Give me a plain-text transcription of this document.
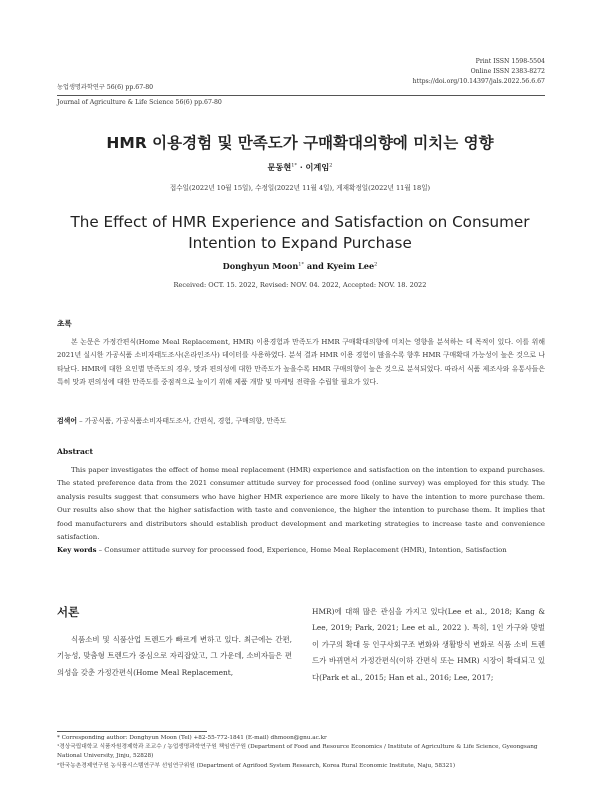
Print ISSN 1598-5504
Online ISSN 2383-8272
https://doi.org/10.14397/jals.2022.56.6.67
농업생명과학연구 56(6) pp.67-80
Journal of Agriculture & Life Science 56(6) pp.67-80
HMR 이용경험 및 만족도가 구매확대의향에 미치는 영향
문동현$^{1*}$ · 이계임$^2$
접수일(2022년 10월 15일), 수정일(2022년 11월 4일), 게재확정일(2022년 11월 18일)
The Effect of HMR Experience and Satisfaction on Consumer Intention to Expand Purchase
Donghyun Moon$^{1*}$ and Kyeim Lee$^2$
Received: OCT. 15. 2022, Revised: NOV. 04. 2022, Accepted: NOV. 18. 2022
초록

본 논문은 가정간편식(Home Meal Replacement, HMR) 이용경험과 만족도가 HMR 구매확대의향에 미치는 영향을 분석하는 데 목적이 있다. 이를 위해 2021년 실시한 가공식품 소비자태도조사(온라인조사) 데이터를 사용하였다. 분석 결과 HMR 이용 경험이 많을수록 향후 HMR 구매확대 가능성이 높은 것으로 나타났다. HMR에 대한 요인별 만족도의 경우, 맛과 편의성에 대한 만족도가 높을수록 HMR 구매의향이 높은 것으로 분석되었다. 따라서 식품 제조사와 유통사들은 특히 맛과 편의성에 대한 만족도를 중점적으로 높이기 위해 제품 개발 및 마케팅 전략을 수립할 필요가 있다.

검색어 – 가공식품, 가공식품소비자태도조사, 간편식, 경험, 구매의향, 만족도
Abstract

This paper investigates the effect of home meal replacement (HMR) experience and satisfaction on the intention to expand purchases. The stated preference data from the 2021 consumer attitude survey for processed food (online survey) was employed for this study. The analysis results suggest that consumers who have higher HMR experience are more likely to have the intention to more purchase them. Our results also show that the higher satisfaction with taste and convenience, the higher the intention to purchase them. It implies that food manufacturers and distributors should establish product development and marketing strategies to increase taste and convenience satisfaction.

Key words – Consumer attitude survey for processed food, Experience, Home Meal Replacement (HMR), Intention, Satisfaction
서론

식품소비 및 식품산업 트렌드가 빠르게 변하고 있다. 최근에는 간편, 기능성, 맞춤형 트렌드가 중심으로 자리잡았고, 그 가운데, 소비자들은 편의성을 갖춘 가정간편식(Home Meal Replacement,

HMR)에 대해 많은 관심을 가지고 있다(Lee et al., 2018; Kang & Lee, 2019; Park, 2021; Lee et al., 2022 ). 특히, 1인 가구와 맞벌이 가구의 확대 등 인구사회구조 변화와 생활방식 변화로 식품 소비 트렌드가 바뀌면서 가정간편식(이하 간편식 또는 HMR) 시장이 확대되고 있다(Park et al., 2015; Han et al., 2016; Lee, 2017;

* Corresponding author: Donghyun Moon (Tel) +82-55-772-1841 (E-mail) dhmoon@gnu.ac.kr
¹경상국립대학교 식품자원경제학과 조교수 / 농업생명과학연구원 책임연구원 (Department of Food and Resource Economics / Institute of Agriculture & Life Science, Gyeongsang National University, Jinju, 52828)
²한국농촌경제연구원 농식품시스템연구부 선임연구위원 (Department of Agrifood System Research, Korea Rural Economic Institute, Naju, 58321)
